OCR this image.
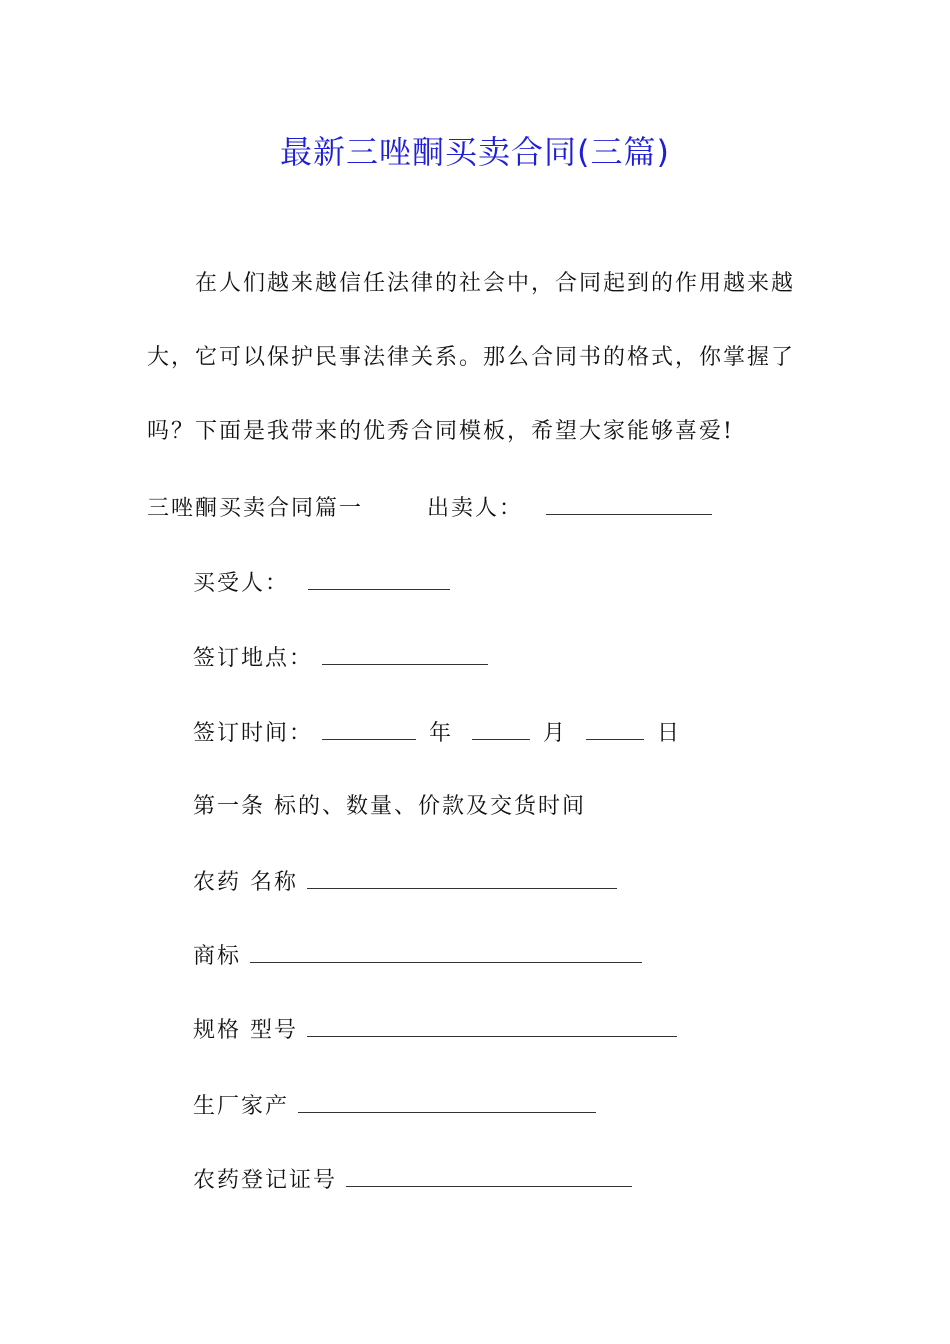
最新三唑酮买卖合同(三篇)

在人们越来越信任法律的社会中，合同起到的作用越来越

大，它可以保护民事法律关系。那么合同书的格式，你掌握了

吗？下面是我带来的优秀合同模板，希望大家能够喜爱!

三唑酮买卖合同篇一	出卖人：
买受人：
签订地点：
签订时间：	年	月	日
第一条 标的、数量、价款及交货时间
农药 名称
商标
规格 型号
生厂家产
农药登记证号
